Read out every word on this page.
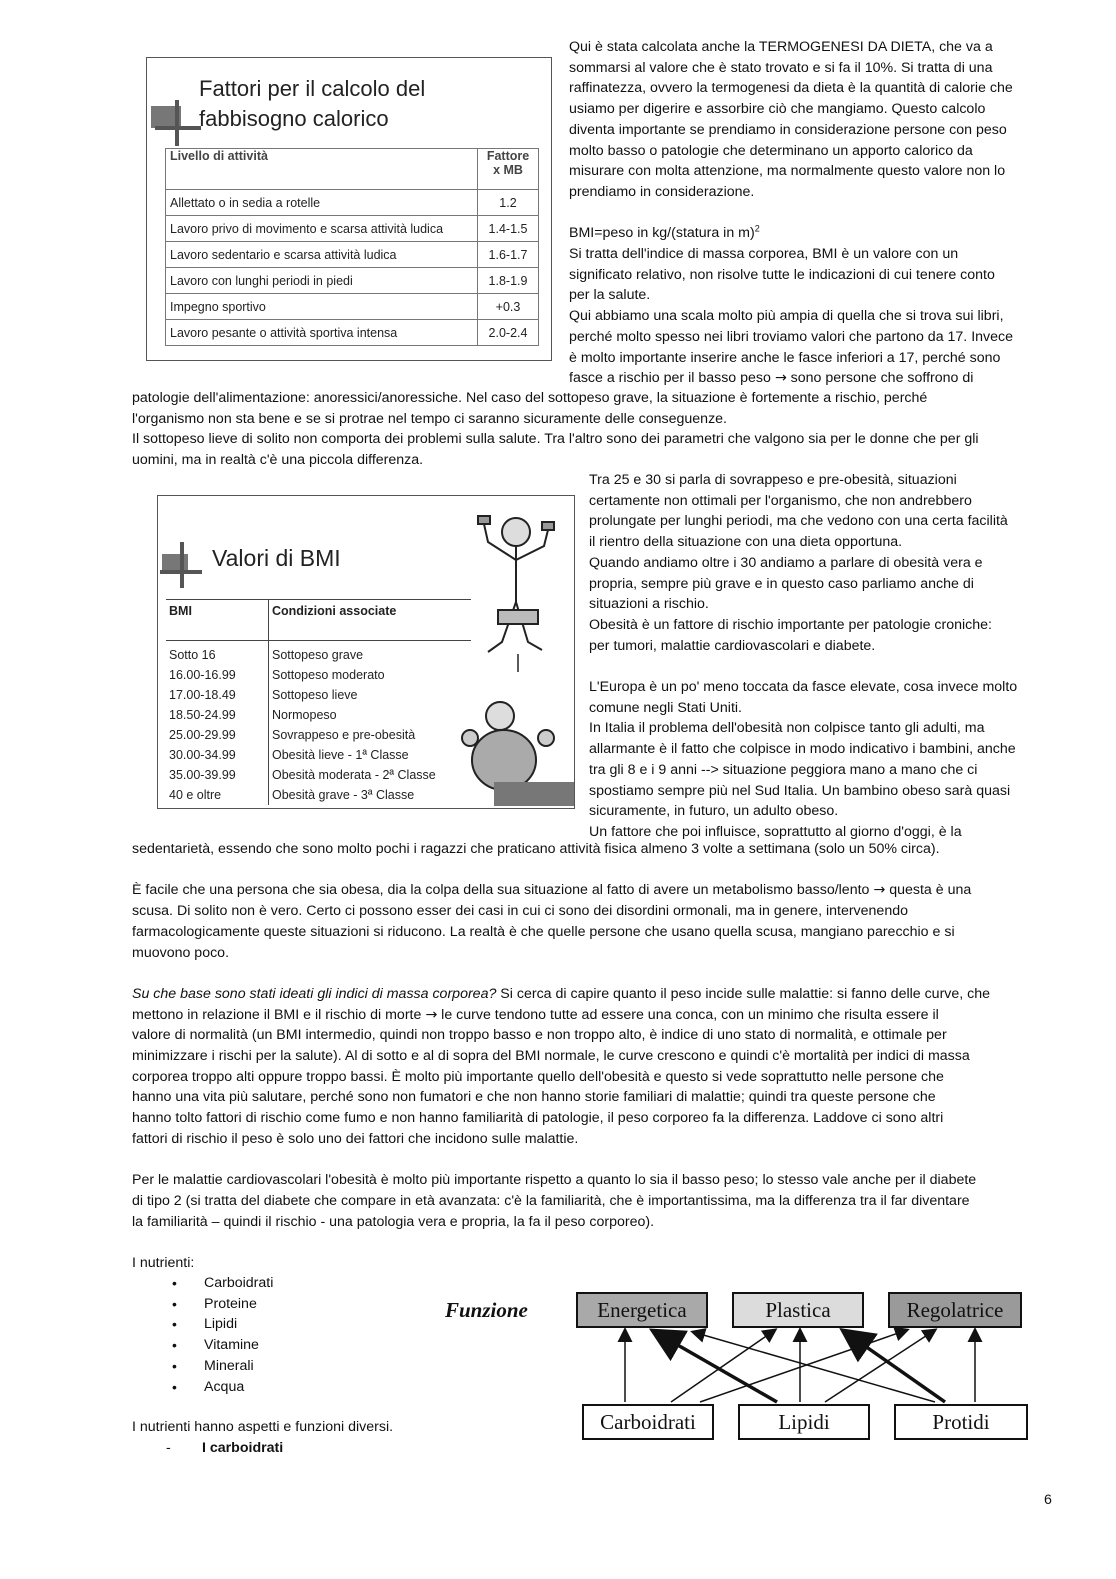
Fattori per il calcolo del
fabbisogno calorico
Livello di attività	Fattore
x MB
Allettato o in sedia a rotelle	1.2
Lavoro privo di movimento e scarsa attività ludica	1.4-1.5
Lavoro sedentario e scarsa attività ludica	1.6-1.7
Lavoro con lunghi periodi in piedi	1.8-1.9
Impegno sportivo	+0.3
Lavoro pesante o attività sportiva intensa	2.0-2.4

Qui è stata calcolata anche la TERMOGENESI DA DIETA, che va a

sommarsi al valore che è stato trovato e si fa il 10%. Si tratta di una

raffinatezza, ovvero la termogenesi da dieta è la quantità di calorie che

usiamo per digerire e assorbire ciò che mangiamo. Questo calcolo

diventa importante se prendiamo in considerazione persone con peso

molto basso o patologie che determinano un apporto calorico da

misurare con molta attenzione, ma normalmente questo valore non lo

prendiamo in considerazione.

BMI=peso in kg/(statura in m)$^2$

Si tratta dell'indice di massa corporea, BMI è un valore con un

significato relativo, non risolve tutte le indicazioni di cui tenere conto

per la salute.

Qui abbiamo una scala molto più ampia di quella che si trova sui libri,

perché molto spesso nei libri troviamo valori che partono da 17. Invece

è molto importante inserire anche le fasce inferiori a 17, perché sono

fasce a rischio per il basso peso → sono persone che soffrono di

patologie dell'alimentazione: anoressici/anoressiche. Nel caso del sottopeso grave, la situazione è fortemente a rischio, perché

l'organismo non sta bene e se si protrae nel tempo ci saranno sicuramente delle conseguenze.

Il sottopeso lieve di solito non comporta dei problemi sulla salute. Tra l'altro sono dei parametri che valgono sia per le donne che per gli

uomini, ma in realtà c'è una piccola differenza.

Valori di BMI
BMI	Condizioni associate
Sotto 16	Sottopeso grave
16.00-16.99	Sottopeso moderato
17.00-18.49	Sottopeso lieve
18.50-24.99	Normopeso
25.00-29.99	Sovrappeso e pre-obesità
30.00-34.99	Obesità lieve - 1ª Classe
35.00-39.99	Obesità moderata - 2ª Classe
40 e oltre	Obesità grave - 3ª Classe

Tra 25 e 30 si parla di sovrappeso e pre-obesità, situazioni

certamente non ottimali per l'organismo, che non andrebbero

prolungate per lunghi periodi, ma che vedono con una certa facilità

il rientro della situazione con una dieta opportuna.

Quando andiamo oltre i 30 andiamo a parlare di obesità vera e

propria, sempre più grave e in questo caso parliamo anche di

situazioni a rischio.

Obesità è un fattore di rischio importante per patologie croniche:

per tumori, malattie cardiovascolari e diabete.

L'Europa è un po' meno toccata da fasce elevate, cosa invece molto

comune negli Stati Uniti.

In Italia il problema dell'obesità non colpisce tanto gli adulti, ma

allarmante è il fatto che colpisce in modo indicativo i bambini, anche

tra gli 8 e i 9 anni --> situazione peggiora mano a mano che ci

spostiamo sempre più nel Sud Italia. Un bambino obeso sarà quasi

sicuramente, in futuro, un adulto obeso.

Un fattore che poi influisce, soprattutto al giorno d'oggi, è la

sedentarietà, essendo che sono molto pochi i ragazzi che praticano attività fisica almeno 3 volte a settimana (solo un 50% circa).

È facile che una persona che sia obesa, dia la colpa della sua situazione al fatto di avere un metabolismo basso/lento → questa è una

scusa. Di solito non è vero. Certo ci possono esser dei casi in cui ci sono dei disordini ormonali, ma in genere, intervenendo

farmacologicamente queste situazioni si riducono. La realtà è che quelle persone che usano quella scusa, mangiano parecchio e si

muovono poco.

Su che base sono stati ideati gli indici di massa corporea? Si cerca di capire quanto il peso incide sulle malattie: si fanno delle curve, che

mettono in relazione il BMI e il rischio di morte → le curve tendono tutte ad essere una conca, con un minimo che risulta essere il

valore di normalità (un BMI intermedio, quindi non troppo basso e non troppo alto, è indice di uno stato di normalità, e ottimale per

minimizzare i rischi per la salute). Al di sotto e al di sopra del BMI normale, le curve crescono e quindi c'è mortalità per indici di massa

corporea troppo alti oppure troppo bassi. È molto più importante quello dell'obesità e questo si vede soprattutto nelle persone che

hanno una vita più salutare, perché sono non fumatori e che non hanno storie familiari di malattie; quindi tra queste persone che

hanno tolto fattori di rischio come fumo e non hanno familiarità di patologie, il peso corporeo fa la differenza. Laddove ci sono altri

fattori di rischio il peso è solo uno dei fattori che incidono sulle malattie.

Per le malattie cardiovascolari l'obesità è molto più importante rispetto a quanto lo sia il basso peso; lo stesso vale anche per il diabete

di tipo 2 (si tratta del diabete che compare in età avanzata: c'è la familiarità, che è importantissima, ma la differenza tra il far diventare

la familiarità – quindi il rischio - una patologia vera e propria, la fa il peso corporeo).

I nutrienti:

• Carboidrati
• Proteine
• Lipidi
• Vitamine
• Minerali
• Acqua

I nutrienti hanno aspetti e funzioni diversi.

- I carboidrati

Funzione	Energetica	Plastica	Regolatrice
Carboidrati	Lipidi	Protidi
6
